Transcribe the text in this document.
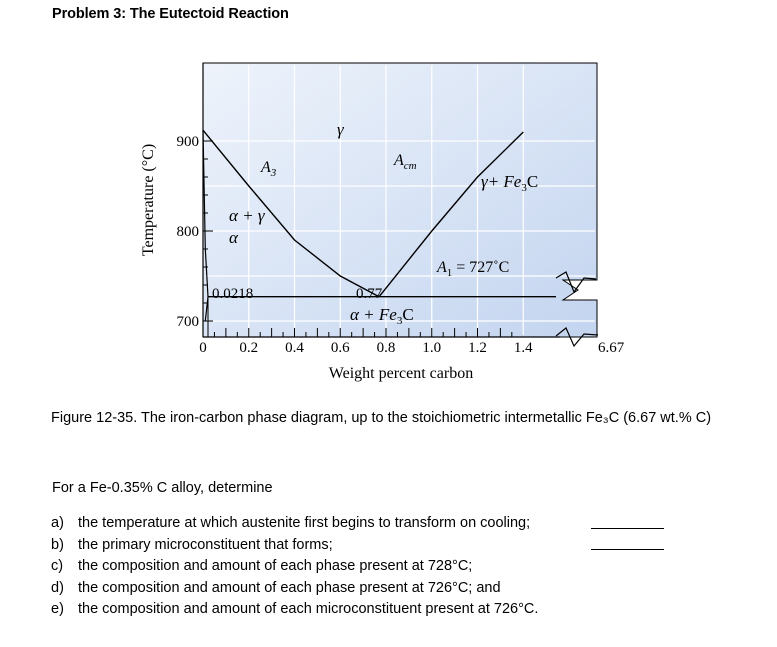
Problem 3: The Eutectoid Reaction
0 0.2 0.4 0.6 0.8 1.0 1.2 1.4
700
800
900
6.67
Weight percent carbon
Temperature (°C)
γ
α + γ
α
$A_3$
$A_{cm}$
$\gamma+ Fe_3C$
$A_1$ = 727˚C
0.0218	0.77
$\alpha + Fe_3C$
Figure 12-35. The iron-carbon phase diagram, up to the stoichiometric intermetallic Fe₃C (6.67 wt.% C)
For a Fe-0.35% C alloy, determine
a) the temperature at which austenite first begins to transform on cooling;
b) the primary microconstituent that forms;
c) the composition and amount of each phase present at 728°C;
d) the composition and amount of each phase present at 726°C; and
e) the composition and amount of each microconstituent present at 726°C.
